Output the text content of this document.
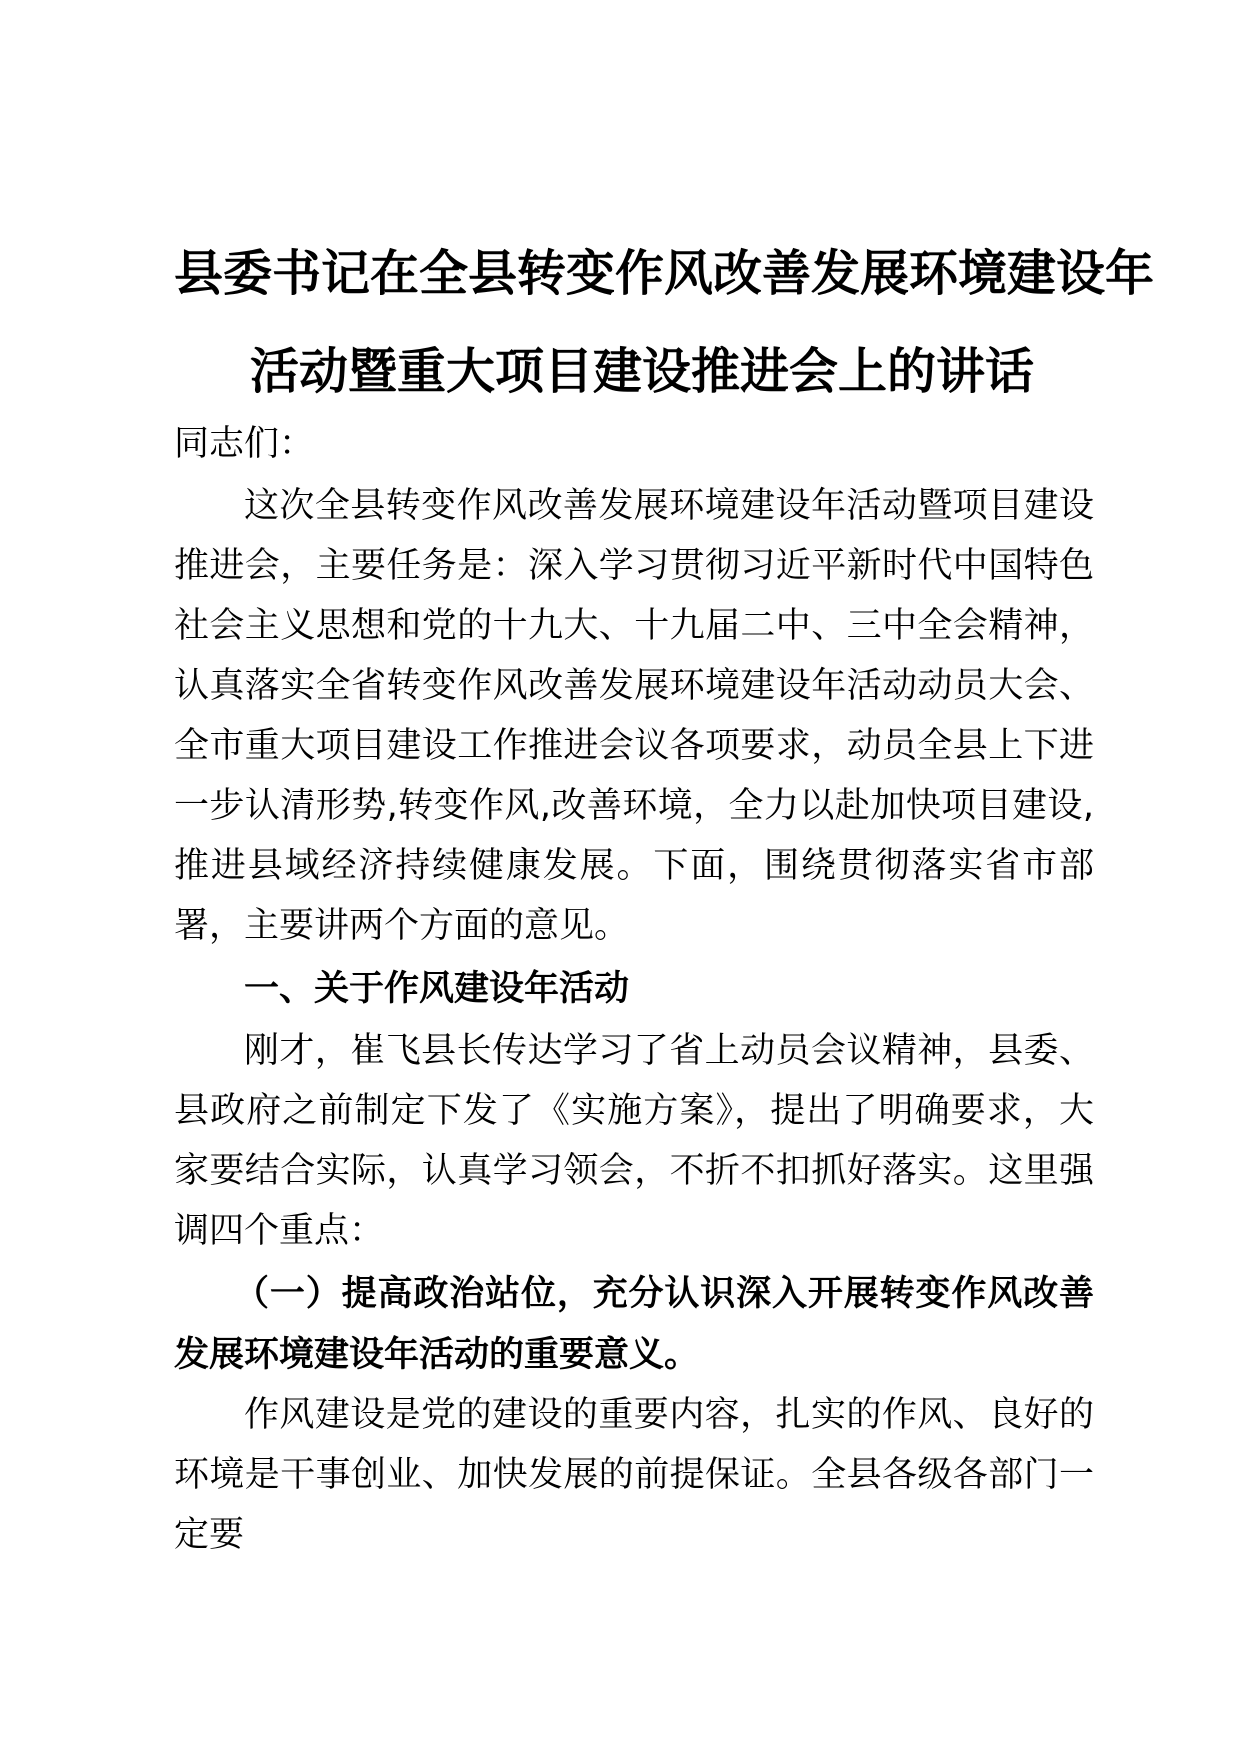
县委书记在全县转变作风改善发展环境建设年
活动暨重大项目建设推进会上的讲话

同志们：

这次全县转变作风改善发展环境建设年活动暨项目建设推进会，主要任务是：深入学习贯彻习近平新时代中国特色社会主义思想和党的十九大、十九届二中、三中全会精神，认真落实全省转变作风改善发展环境建设年活动动员大会、全市重大项目建设工作推进会议各项要求，动员全县上下进一步认清形势,转变作风,改善环境，全力以赴加快项目建设,推进县域经济持续健康发展。下面，围绕贯彻落实省市部署，主要讲两个方面的意见。

一、关于作风建设年活动

刚才，崔飞县长传达学习了省上动员会议精神，县委、县政府之前制定下发了《实施方案》，提出了明确要求，大家要结合实际，认真学习领会，不折不扣抓好落实。这里强调四个重点：

（一）提高政治站位，充分认识深入开展转变作风改善发展环境建设年活动的重要意义。

作风建设是党的建设的重要内容，扎实的作风、良好的环境是干事创业、加快发展的前提保证。全县各级各部门一定要
